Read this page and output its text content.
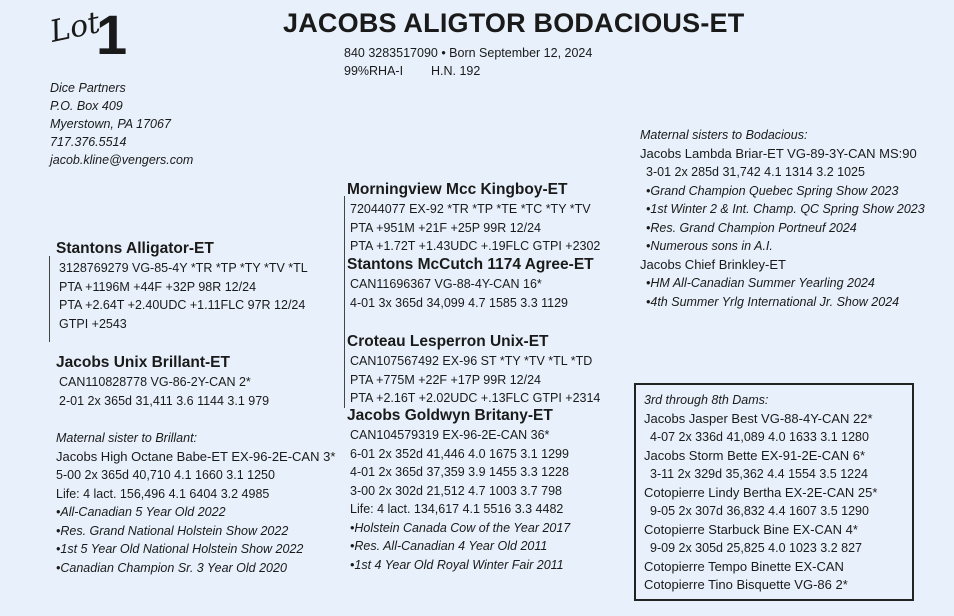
Lot
1	JACOBS ALIGTOR BODACIOUS-ET
840 3283517090 • Born September 12, 2024
99%RHA-I H.N. 192
Dice Partners
P.O. Box 409
Myerstown, PA 17067
717.376.5514
jacob.kline@vengers.com
Stantons Alligator-ET
3128769279 VG-85-4Y *TR *TP *TY *TV *TL
PTA +1196M +44F +32P 98R 12/24
PTA +2.64T +2.40UDC +1.11FLC 97R 12/24
GTPI +2543
Jacobs Unix Brillant-ET
CAN110828778 VG-86-2Y-CAN 2*
2-01 2x 365d 31,411 3.6 1144 3.1 979
Maternal sister to Brillant:
Jacobs High Octane Babe-ET EX-96-2E-CAN 3*
5-00 2x 365d 40,710 4.1 1660 3.1 1250
Life: 4 lact. 156,496 4.1 6404 3.2 4985
•All-Canadian 5 Year Old 2022
•Res. Grand National Holstein Show 2022
•1st 5 Year Old National Holstein Show 2022
•Canadian Champion Sr. 3 Year Old 2020
Morningview Mcc Kingboy-ET
72044077 EX-92 *TR *TP *TE *TC *TY *TV
PTA +951M +21F +25P 99R 12/24
PTA +1.72T +1.43UDC +.19FLC GTPI +2302
Stantons McCutch 1174 Agree-ET
CAN11696367 VG-88-4Y-CAN 16*
4-01 3x 365d 34,099 4.7 1585 3.3 1129
Croteau Lesperron Unix-ET
CAN107567492 EX-96 ST *TY *TV *TL *TD
PTA +775M +22F +17P 99R 12/24
PTA +2.16T +2.02UDC +.13FLC GTPI +2314
Jacobs Goldwyn Britany-ET
CAN104579319 EX-96-2E-CAN 36*
6-01 2x 352d 41,446 4.0 1675 3.1 1299
4-01 2x 365d 37,359 3.9 1455 3.3 1228
3-00 2x 302d 21,512 4.7 1003 3.7 798
Life: 4 lact. 134,617 4.1 5516 3.3 4482
•Holstein Canada Cow of the Year 2017
•Res. All-Canadian 4 Year Old 2011
•1st 4 Year Old Royal Winter Fair 2011
Maternal sisters to Bodacious:
Jacobs Lambda Briar-ET VG-89-3Y-CAN MS:90
3-01 2x 285d 31,742 4.1 1314 3.2 1025
•Grand Champion Quebec Spring Show 2023
•1st Winter 2 & Int. Champ. QC Spring Show 2023
•Res. Grand Champion Portneuf 2024
•Numerous sons in A.I.
Jacobs Chief Brinkley-ET
•HM All-Canadian Summer Yearling 2024
•4th Summer Yrlg International Jr. Show 2024
3rd through 8th Dams:
Jacobs Jasper Best VG-88-4Y-CAN 22*
4-07 2x 336d 41,089 4.0 1633 3.1 1280
Jacobs Storm Bette EX-91-2E-CAN 6*
3-11 2x 329d 35,362 4.4 1554 3.5 1224
Cotopierre Lindy Bertha EX-2E-CAN 25*
9-05 2x 307d 36,832 4.4 1607 3.5 1290
Cotopierre Starbuck Bine EX-CAN 4*
9-09 2x 305d 25,825 4.0 1023 3.2 827
Cotopierre Tempo Binette EX-CAN
Cotopierre Tino Bisquette VG-86 2*
